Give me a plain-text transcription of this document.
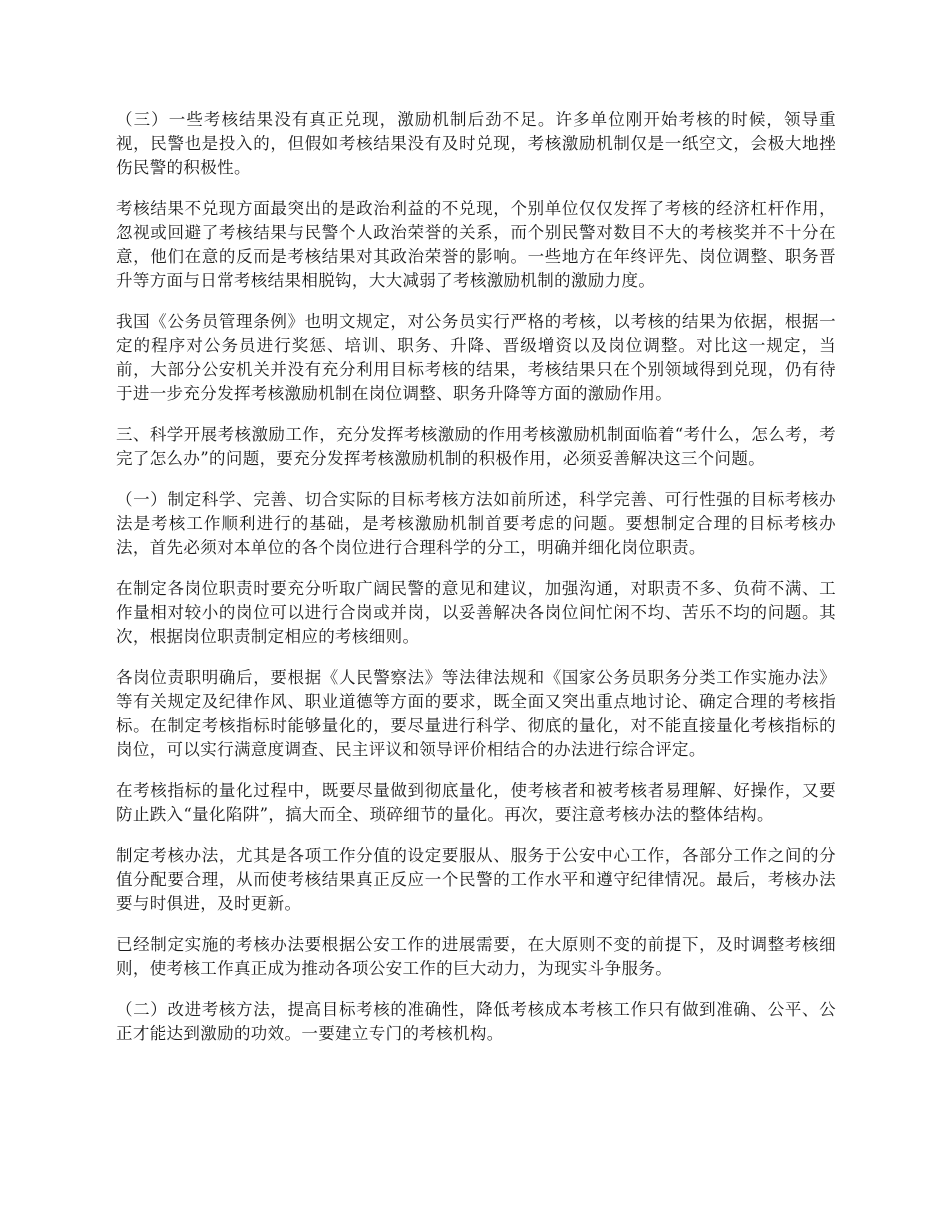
（三）一些考核结果没有真正兑现，激励机制后劲不足。许多单位刚开始考核的时候，领导重视，民警也是投入的，但假如考核结果没有及时兑现，考核激励机制仅是一纸空文，会极大地挫伤民警的积极性。

考核结果不兑现方面最突出的是政治利益的不兑现，个别单位仅仅发挥了考核的经济杠杆作用，忽视或回避了考核结果与民警个人政治荣誉的关系，而个别民警对数目不大的考核奖并不十分在意，他们在意的反而是考核结果对其政治荣誉的影响。一些地方在年终评先、岗位调整、职务晋升等方面与日常考核结果相脱钩，大大减弱了考核激励机制的激励力度。

我国《公务员管理条例》也明文规定，对公务员实行严格的考核，以考核的结果为依据，根据一定的程序对公务员进行奖惩、培训、职务、升降、晋级增资以及岗位调整。对比这一规定，当前，大部分公安机关并没有充分利用目标考核的结果，考核结果只在个别领域得到兑现，仍有待于进一步充分发挥考核激励机制在岗位调整、职务升降等方面的激励作用。

三、科学开展考核激励工作，充分发挥考核激励的作用考核激励机制面临着“考什么，怎么考，考完了怎么办”的问题，要充分发挥考核激励机制的积极作用，必须妥善解决这三个问题。

（一）制定科学、完善、切合实际的目标考核方法如前所述，科学完善、可行性强的目标考核办法是考核工作顺利进行的基础，是考核激励机制首要考虑的问题。要想制定合理的目标考核办法，首先必须对本单位的各个岗位进行合理科学的分工，明确并细化岗位职责。

在制定各岗位职责时要充分听取广阔民警的意见和建议，加强沟通，对职责不多、负荷不满、工作量相对较小的岗位可以进行合岗或并岗，以妥善解决各岗位间忙闲不均、苦乐不均的问题。其次，根据岗位职责制定相应的考核细则。

各岗位责职明确后，要根据《人民警察法》等法律法规和《国家公务员职务分类工作实施办法》等有关规定及纪律作风、职业道德等方面的要求，既全面又突出重点地讨论、确定合理的考核指标。在制定考核指标时能够量化的，要尽量进行科学、彻底的量化，对不能直接量化考核指标的岗位，可以实行满意度调查、民主评议和领导评价相结合的办法进行综合评定。

在考核指标的量化过程中，既要尽量做到彻底量化，使考核者和被考核者易理解、好操作，又要防止跌入“量化陷阱”，搞大而全、琐碎细节的量化。再次，要注意考核办法的整体结构。

制定考核办法，尤其是各项工作分值的设定要服从、服务于公安中心工作，各部分工作之间的分值分配要合理，从而使考核结果真正反应一个民警的工作水平和遵守纪律情况。最后，考核办法要与时俱进，及时更新。

已经制定实施的考核办法要根据公安工作的进展需要，在大原则不变的前提下，及时调整考核细则，使考核工作真正成为推动各项公安工作的巨大动力，为现实斗争服务。

（二）改进考核方法，提高目标考核的准确性，降低考核成本考核工作只有做到准确、公平、公正才能达到激励的功效。一要建立专门的考核机构。
